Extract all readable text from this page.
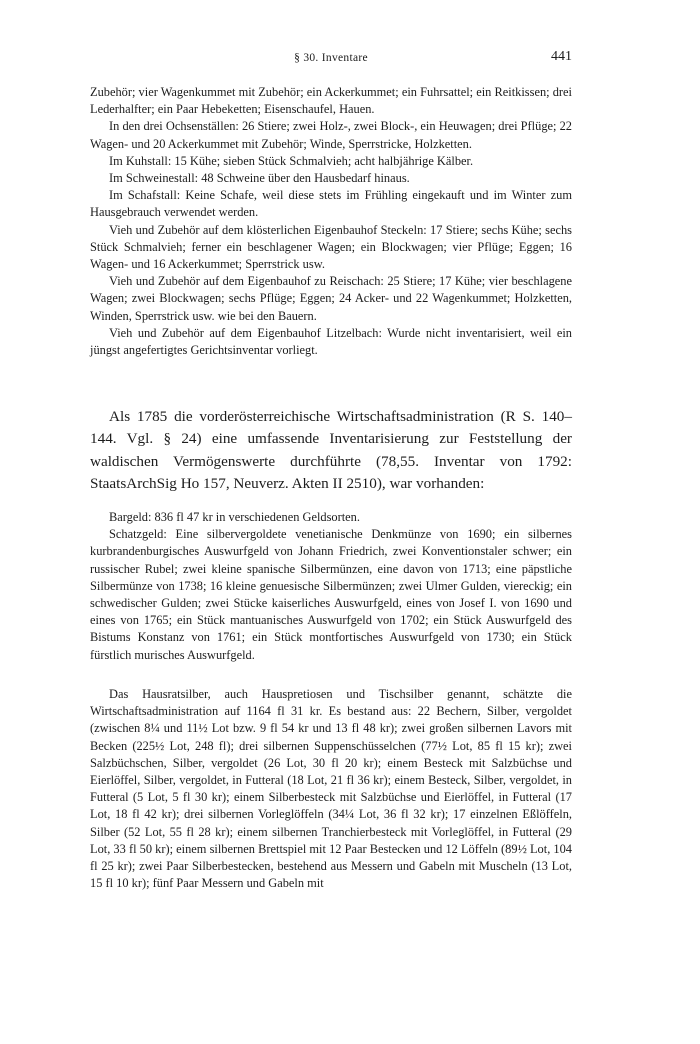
§ 30. Inventare	441

Zubehör; vier Wagenkummet mit Zubehör; ein Ackerkummet; ein Fuhrsattel; ein Reitkissen; drei Lederhalfter; ein Paar Hebeketten; Eisenschaufel, Hauen.

In den drei Ochsenställen: 26 Stiere; zwei Holz-, zwei Block-, ein Heuwagen; drei Pflüge; 22 Wagen- und 20 Ackerkummet mit Zubehör; Winde, Sperrstricke, Holzketten.

Im Kuhstall: 15 Kühe; sieben Stück Schmalvieh; acht halbjährige Kälber.

Im Schweinestall: 48 Schweine über den Hausbedarf hinaus.

Im Schafstall: Keine Schafe, weil diese stets im Frühling eingekauft und im Winter zum Hausgebrauch verwendet werden.

Vieh und Zubehör auf dem klösterlichen Eigenbauhof Steckeln: 17 Stiere; sechs Kühe; sechs Stück Schmalvieh; ferner ein beschlagener Wagen; ein Blockwagen; vier Pflüge; Eggen; 16 Wagen- und 16 Ackerkummet; Sperrstrick usw.

Vieh und Zubehör auf dem Eigenbauhof zu Reischach: 25 Stiere; 17 Kühe; vier beschlagene Wagen; zwei Blockwagen; sechs Pflüge; Eggen; 24 Acker- und 22 Wagenkummet; Holzketten, Winden, Sperrstrick usw. wie bei den Bauern.

Vieh und Zubehör auf dem Eigenbauhof Litzelbach: Wurde nicht inventarisiert, weil ein jüngst angefertigtes Gerichtsinventar vorliegt.

Als 1785 die vorderösterreichische Wirtschaftsadministration (R S. 140–144. Vgl. § 24) eine umfassende Inventarisierung zur Feststellung der waldischen Vermögenswerte durchführte (78,55. Inventar von 1792: StaatsArchSig Ho 157, Neuverz. Akten II 2510), war vorhanden:

Bargeld: 836 fl 47 kr in verschiedenen Geldsorten.

Schatzgeld: Eine silbervergoldete venetianische Denkmünze von 1690; ein silbernes kurbrandenburgisches Auswurfgeld von Johann Friedrich, zwei Konventionstaler schwer; ein russischer Rubel; zwei kleine spanische Silbermünzen, eine davon von 1713; eine päpstliche Silbermünze von 1738; 16 kleine genuesische Silbermünzen; zwei Ulmer Gulden, viereckig; ein schwedischer Gulden; zwei Stücke kaiserliches Auswurfgeld, eines von Josef I. von 1690 und eines von 1765; ein Stück mantuanisches Auswurfgeld von 1702; ein Stück Auswurfgeld des Bistums Konstanz von 1761; ein Stück montfortisches Auswurfgeld von 1730; ein Stück fürstlich murisches Auswurfgeld.

Das Hausratsilber, auch Hauspretiosen und Tischsilber genannt, schätzte die Wirtschaftsadministration auf 1164 fl 31 kr. Es bestand aus: 22 Bechern, Silber, vergoldet (zwischen 8¼ und 11½ Lot bzw. 9 fl 54 kr und 13 fl 48 kr); zwei großen silbernen Lavors mit Becken (225½ Lot, 248 fl); drei silbernen Suppenschüsselchen (77½ Lot, 85 fl 15 kr); zwei Salzbüchschen, Silber, vergoldet (26 Lot, 30 fl 20 kr); einem Besteck mit Salzbüchse und Eierlöffel, Silber, vergoldet, in Futteral (18 Lot, 21 fl 36 kr); einem Besteck, Silber, vergoldet, in Futteral (5 Lot, 5 fl 30 kr); einem Silberbesteck mit Salzbüchse und Eierlöffel, in Futteral (17 Lot, 18 fl 42 kr); drei silbernen Vorleglöffeln (34¼ Lot, 36 fl 32 kr); 17 einzelnen Eßlöffeln, Silber (52 Lot, 55 fl 28 kr); einem silbernen Tranchierbesteck mit Vorleglöffel, in Futteral (29 Lot, 33 fl 50 kr); einem silbernen Brettspiel mit 12 Paar Bestecken und 12 Löffeln (89½ Lot, 104 fl 25 kr); zwei Paar Silberbestecken, bestehend aus Messern und Gabeln mit Muscheln (13 Lot, 15 fl 10 kr); fünf Paar Messern und Gabeln mit
